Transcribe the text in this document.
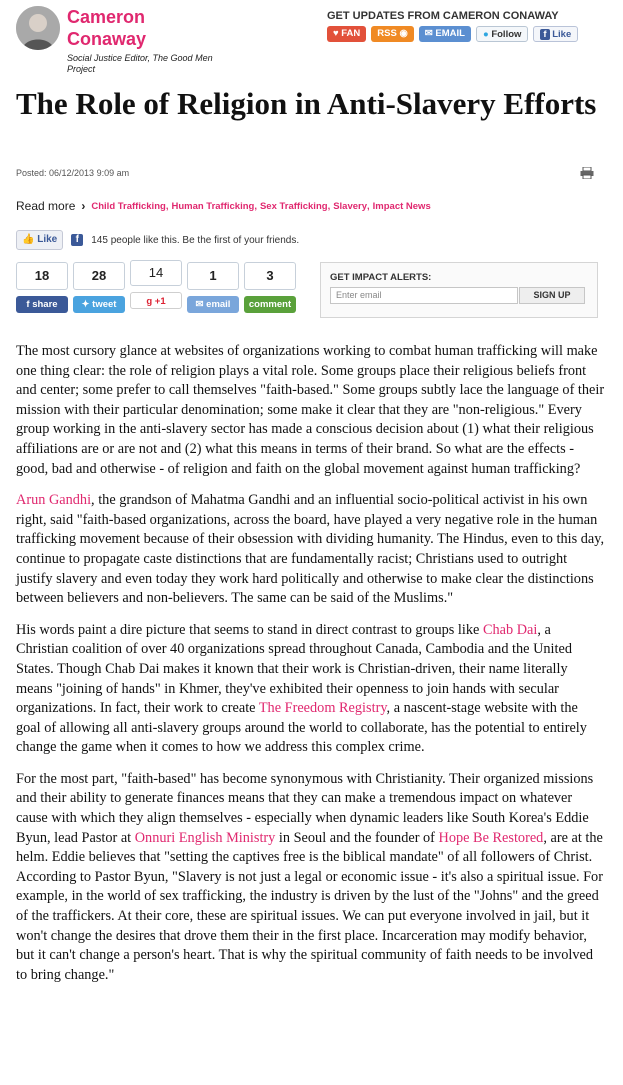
Cameron
Conaway
Social Justice Editor, The Good Men Project
GET UPDATES FROM CAMERON CONAWAY
♥ FAN	RSS ◉	✉ EMAIL	● Follow	f Like
The Role of Religion in Anti-Slavery Efforts
Posted: 06/12/2013 9:09 am
Read more › Child Trafficking , Human Trafficking , Sex Trafficking , Slavery , Impact News
👍 Like	f	145 people like this. Be the first of your friends.
18
f share
28
✦ tweet
14
g +1
1
✉ email
3
comment
GET IMPACT ALERTS:
Enter email	SIGN UP

The most cursory glance at websites of organizations working to combat human trafficking will make one thing clear: the role of religion plays a vital role. Some groups place their religious beliefs front and center; some prefer to call themselves "faith-based." Some groups subtly lace the language of their mission with their particular denomination; some make it clear that they are "non-religious." Every group working in the anti-slavery sector has made a conscious decision about (1) what their religious affiliations are or are not and (2) what this means in terms of their brand. So what are the effects - good, bad and otherwise - of religion and faith on the global movement against human trafficking?

Arun Gandhi, the grandson of Mahatma Gandhi and an influential socio-political activist in his own right, said "faith-based organizations, across the board, have played a very negative role in the human trafficking movement because of their obsession with dividing humanity. The Hindus, even to this day, continue to propagate caste distinctions that are fundamentally racist; Christians used to outright justify slavery and even today they work hard politically and otherwise to make clear the distinctions between believers and non-believers. The same can be said of the Muslims."

His words paint a dire picture that seems to stand in direct contrast to groups like Chab Dai, a Christian coalition of over 40 organizations spread throughout Canada, Cambodia and the United States. Though Chab Dai makes it known that their work is Christian-driven, their name literally means "joining of hands" in Khmer, they've exhibited their openness to join hands with secular organizations. In fact, their work to create The Freedom Registry, a nascent-stage website with the goal of allowing all anti-slavery groups around the world to collaborate, has the potential to entirely change the game when it comes to how we address this complex crime.

For the most part, "faith-based" has become synonymous with Christianity. Their organized missions and their ability to generate finances means that they can make a tremendous impact on whatever cause with which they align themselves - especially when dynamic leaders like South Korea's Eddie Byun, lead Pastor at Onnuri English Ministry in Seoul and the founder of Hope Be Restored, are at the helm. Eddie believes that "setting the captives free is the biblical mandate" of all followers of Christ. According to Pastor Byun, "Slavery is not just a legal or economic issue - it's also a spiritual issue. For example, in the world of sex trafficking, the industry is driven by the lust of the "Johns" and the greed of the traffickers. At their core, these are spiritual issues. We can put everyone involved in jail, but it won't change the desires that drove them their in the first place. Incarceration may modify behavior, but it can't change a person's heart. That is why the spiritual community of faith needs to be involved to bring change."
